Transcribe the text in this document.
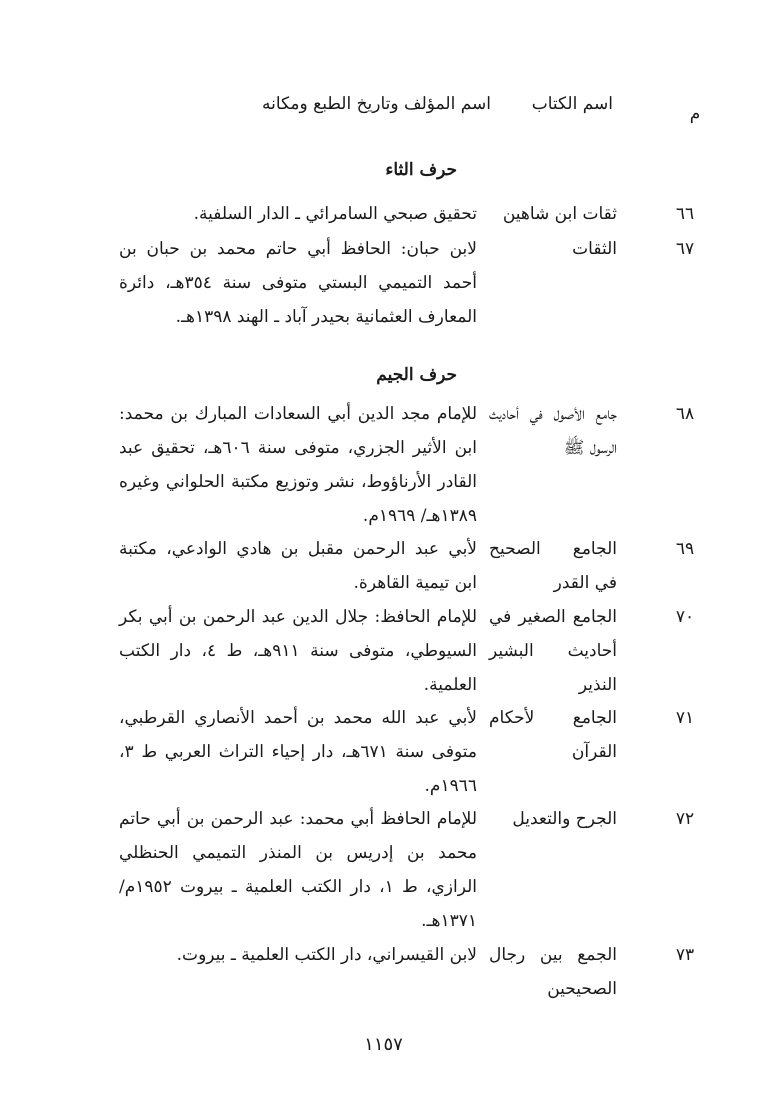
م
اسم الكتاب
اسم المؤلف وتاريخ الطبع ومكانه
حرف الثاء
٦٦
ثقات ابن شاهين
تحقيق صبحي السامرائي ـ الدار السلفية.
٦٧
الثقات
لابن حبان: الحافظ أبي حاتم محمد بن حبان بن أحمد التميمي البستي متوفى سنة ٣٥٤هـ، دائرة المعارف العثمانية بحيدر آباد ـ الهند ١٣٩٨هـ.
حرف الجيم
٦٨
جامع الأصول في أحاديث الرسول ﷺ
للإمام مجد الدين أبي السعادات المبارك بن محمد: ابن الأثير الجزري، متوفى سنة ٦٠٦هـ، تحقيق عبد القادر الأرناؤوط، نشر وتوزيع مكتبة الحلواني وغيره ١٣٨٩هـ/ ١٩٦٩م.
٦٩
الجامع الصحيح في القدر
لأبي عبد الرحمن مقبل بن هادي الوادعي، مكتبة ابن تيمية القاهرة.
٧٠
الجامع الصغير في أحاديث البشير النذير
للإمام الحافظ: جلال الدين عبد الرحمن بن أبي بكر السيوطي، متوفى سنة ٩١١هـ، ط ٤، دار الكتب العلمية.
٧١
الجامع لأحكام القرآن
لأبي عبد الله محمد بن أحمد الأنصاري القرطبي، متوفى سنة ٦٧١هـ، دار إحياء التراث العربي ط ٣، ١٩٦٦م.
٧٢
الجرح والتعديل
للإمام الحافظ أبي محمد: عبد الرحمن بن أبي حاتم محمد بن إدريس بن المنذر التميمي الحنظلي الرازي، ط ١، دار الكتب العلمية ـ بيروت ١٩٥٢م/ ١٣٧١هـ.
٧٣
الجمع بين رجال الصحيحين
لابن القيسراني، دار الكتب العلمية ـ بيروت.
١١٥٧
